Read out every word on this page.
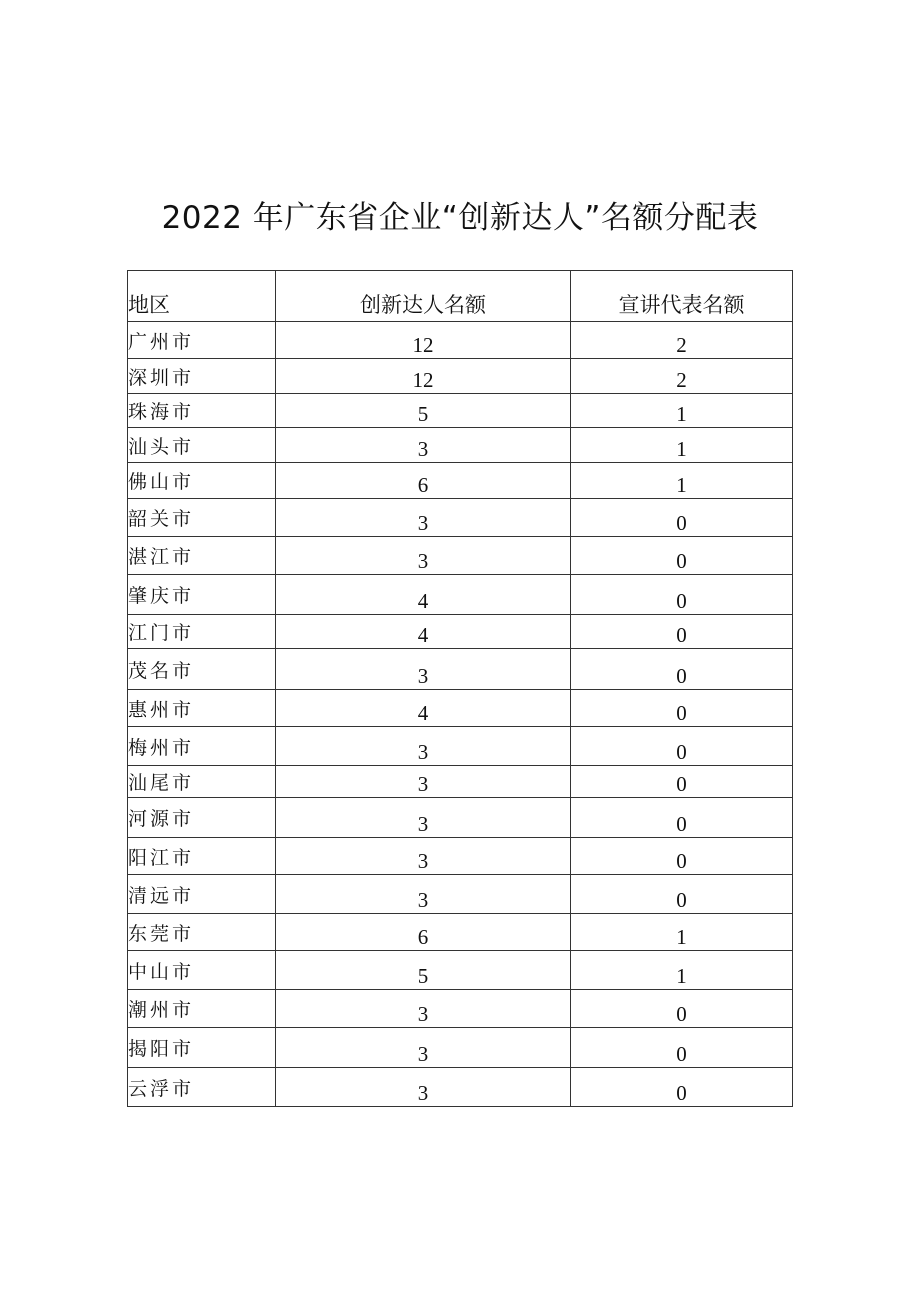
2022 年广东省企业“创新达人”名额分配表
地区	创新达人名额	宣讲代表名额
广州市	12	2
深圳市	12	2
珠海市	5	1
汕头市	3	1
佛山市	6	1
韶关市	3	0
湛江市	3	0
肇庆市	4	0
江门市	4	0
茂名市	3	0
惠州市	4	0
梅州市	3	0
汕尾市	3	0
河源市	3	0
阳江市	3	0
清远市	3	0
东莞市	6	1
中山市	5	1
潮州市	3	0
揭阳市	3	0
云浮市	3	0
